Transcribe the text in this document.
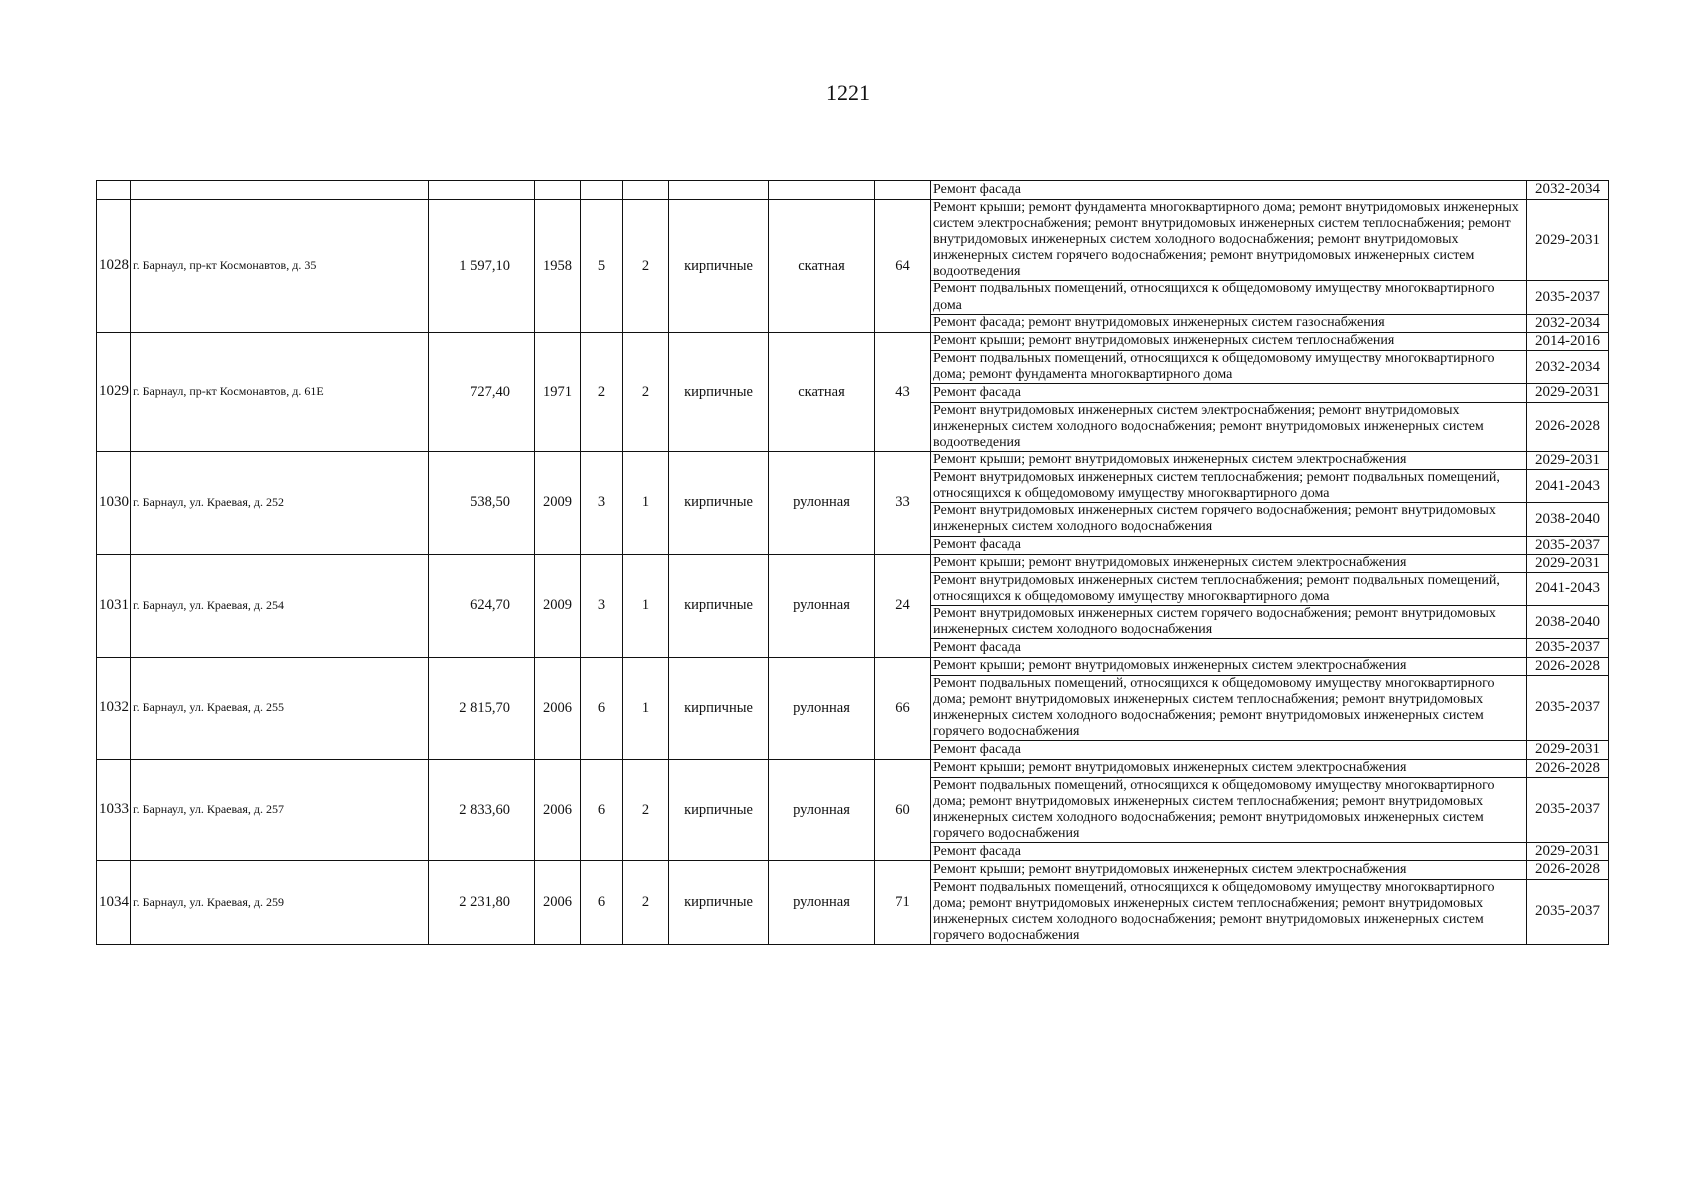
1221
									Ремонт фасада	2032-2034
1028	г. Барнаул, пр-кт Космонавтов, д. 35	1 597,10	1958	5	2	кирпичные	скатная	64	Ремонт крыши; ремонт фундамента многоквартирного дома; ремонт внутридомовых инженерных систем электроснабжения; ремонт внутридомовых инженерных систем теплоснабжения; ремонт внутридомовых инженерных систем холодного водоснабжения; ремонт внутридомовых инженерных систем горячего водоснабжения; ремонт внутридомовых инженерных систем водоотведения	2029-2031
									Ремонт подвальных помещений, относящихся к общедомовому имуществу многоквартирного дома	2035-2037
									Ремонт фасада; ремонт внутридомовых инженерных систем газоснабжения	2032-2034
1029	г. Барнаул, пр-кт Космонавтов, д. 61Е	727,40	1971	2	2	кирпичные	скатная	43	Ремонт крыши; ремонт внутридомовых инженерных систем теплоснабжения	2014-2016
									Ремонт подвальных помещений, относящихся к общедомовому имуществу многоквартирного дома; ремонт фундамента многоквартирного дома	2032-2034
									Ремонт фасада	2029-2031
									Ремонт внутридомовых инженерных систем электроснабжения; ремонт внутридомовых инженерных систем холодного водоснабжения; ремонт внутридомовых инженерных систем водоотведения	2026-2028
1030	г. Барнаул, ул. Краевая, д. 252	538,50	2009	3	1	кирпичные	рулонная	33	Ремонт крыши; ремонт внутридомовых инженерных систем электроснабжения	2029-2031
									Ремонт внутридомовых инженерных систем теплоснабжения; ремонт подвальных помещений, относящихся к общедомовому имуществу многоквартирного дома	2041-2043
									Ремонт внутридомовых инженерных систем горячего водоснабжения; ремонт внутридомовых инженерных систем холодного водоснабжения	2038-2040
									Ремонт фасада	2035-2037
1031	г. Барнаул, ул. Краевая, д. 254	624,70	2009	3	1	кирпичные	рулонная	24	Ремонт крыши; ремонт внутридомовых инженерных систем электроснабжения	2029-2031
									Ремонт внутридомовых инженерных систем теплоснабжения; ремонт подвальных помещений, относящихся к общедомовому имуществу многоквартирного дома	2041-2043
									Ремонт внутридомовых инженерных систем горячего водоснабжения; ремонт внутридомовых инженерных систем холодного водоснабжения	2038-2040
									Ремонт фасада	2035-2037
1032	г. Барнаул, ул. Краевая, д. 255	2 815,70	2006	6	1	кирпичные	рулонная	66	Ремонт крыши; ремонт внутридомовых инженерных систем электроснабжения	2026-2028
									Ремонт подвальных помещений, относящихся к общедомовому имуществу многоквартирного дома; ремонт внутридомовых инженерных систем теплоснабжения; ремонт внутридомовых инженерных систем холодного водоснабжения; ремонт внутридомовых инженерных систем горячего водоснабжения	2035-2037
									Ремонт фасада	2029-2031
1033	г. Барнаул, ул. Краевая, д. 257	2 833,60	2006	6	2	кирпичные	рулонная	60	Ремонт крыши; ремонт внутридомовых инженерных систем электроснабжения	2026-2028
									Ремонт подвальных помещений, относящихся к общедомовому имуществу многоквартирного дома; ремонт внутридомовых инженерных систем теплоснабжения; ремонт внутридомовых инженерных систем холодного водоснабжения; ремонт внутридомовых инженерных систем горячего водоснабжения	2035-2037
									Ремонт фасада	2029-2031
1034	г. Барнаул, ул. Краевая, д. 259	2 231,80	2006	6	2	кирпичные	рулонная	71	Ремонт крыши; ремонт внутридомовых инженерных систем электроснабжения	2026-2028
									Ремонт подвальных помещений, относящихся к общедомовому имуществу многоквартирного дома; ремонт внутридомовых инженерных систем теплоснабжения; ремонт внутридомовых инженерных систем холодного водоснабжения; ремонт внутридомовых инженерных систем горячего водоснабжения	2035-2037
